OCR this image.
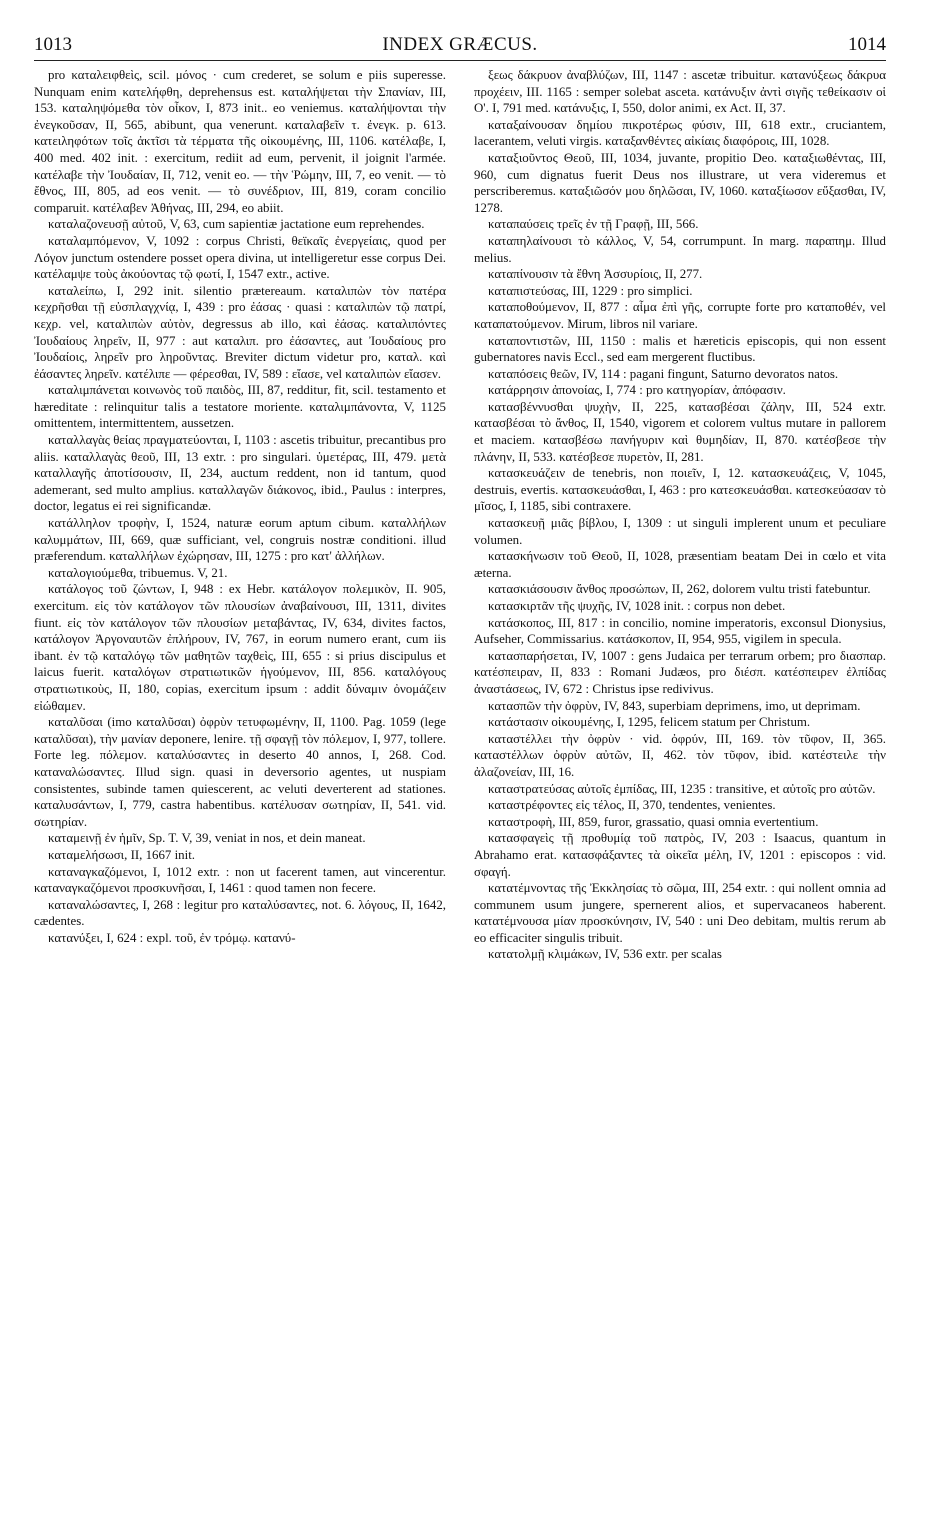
1013	INDEX GRÆCUS.	1014

pro καταλειφθεὶς, scil. μόνος · cum crederet, se solum e piis superesse. Nunquam enim κατελήφθη, deprehensus est. καταλήψεται τὴν Σπανίαν, III, 153. καταληψόμεθα τὸν οἶκον, I, 873 init.. eo veniemus. καταλήψονται τὴν ἐνεγκοῦσαν, II, 565, abibunt, qua venerunt. καταλαβεῖν τ. ἐνεγκ. p. 613. κατειληφότων τοῖς ἀκτῖσι τὰ τέρματα τῆς οἰκουμένης, III, 1106. κατέλαβε, I, 400 med. 402 init. : exercitum, rediit ad eum, pervenit, il joignit l'armée. κατέλαβε τὴν Ἰουδαίαν, II, 712, venit eo. — τὴν Ῥώμην, III, 7, eo venit. — τὸ ἔθνος, III, 805, ad eos venit. — τὸ συνέδριον, III, 819, coram concilio comparuit. κατέλαβεν Ἀθήνας, III, 294, eo abiit.

καταλαζονευσῇ αὐτοῦ, V, 63, cum sapientiæ jactatione eum reprehendes.

καταλαμπόμενον, V, 1092 : corpus Christi, θεϊκαῖς ἐνεργείαις, quod per Λόγον junctum ostendere posset opera divina, ut intelligeretur esse corpus Dei. κατέλαμψε τοὺς ἀκούοντας τῷ φωτί, I, 1547 extr., active.

καταλείπω, I, 292 init. silentio prætereaum. καταλιπὼν τὸν πατέρα κεχρῆσθαι τῇ εὐσπλαγχνίᾳ, I, 439 : pro ἐάσας · quasi : καταλιπὼν τῷ πατρί, κεχρ. vel, καταλιπὼν αὐτὸν, degressus ab illo, καὶ ἐάσας. καταλιπόντες Ἰουδαίους ληρεῖν, II, 977 : aut καταλιπ. pro ἐάσαντες, aut Ἰουδαίους pro Ἰουδαίοις, ληρεῖν pro ληροῦντας. Breviter dictum videtur pro, καταλ. καὶ ἐάσαντες ληρεῖν. κατέλιπε — φέρεσθαι, IV, 589 : εἴασε, vel καταλιπὼν εἴασεν.

καταλιμπάνεται κοινωνὸς τοῦ παιδὸς, III, 87, redditur, fit, scil. testamento et hæreditate : relinquitur talis a testatore moriente. καταλιμπάνοντα, V, 1125 omittentem, intermittentem, aussetzen.

καταλλαγὰς θείας πραγματεύονται, I, 1103 : ascetis tribuitur, precantibus pro aliis. καταλλαγὰς θεοῦ, III, 13 extr. : pro singulari. ὑμετέρας, III, 479. μετὰ καταλλαγῆς ἀποτίσουσιν, II, 234, auctum reddent, non id tantum, quod ademerant, sed multo amplius. καταλλαγῶν διάκονος, ibid., Paulus : interpres, doctor, legatus ei rei significandæ.

κατάλληλον τροφὴν, I, 1524, naturæ eorum aptum cibum. καταλλήλων καλυμμάτων, III, 669, quæ sufficiant, vel, congruis nostræ conditioni. illud præferendum. καταλλήλων ἐχώρησαν, III, 1275 : pro κατ' ἀλλήλων.

καταλογιούμεθα, tribuemus. V, 21.

κατάλογος τοῦ ζώντων, I, 948 : ex Hebr. κατάλογον πολεμικὸν, II. 905, exercitum. εἰς τὸν κατάλογον τῶν πλουσίων ἀναβαίνουσι, III, 1311, divites fiunt. εἰς τὸν κατάλογον τῶν πλουσίων μεταβάντας, IV, 634, divites factos, κατάλογον Ἀργοναυτῶν ἐπλήρουν, IV, 767, in eorum numero erant, cum iis ibant. ἐν τῷ καταλόγῳ τῶν μαθητῶν ταχθεὶς, III, 655 : si prius discipulus et laicus fuerit. καταλόγων στρατιωτικῶν ἡγούμενον, III, 856. καταλόγους στρατιωτικοὺς, II, 180, copias, exercitum ipsum : addit δύναμιν ὀνομάζειν εἰώθαμεν.

καταλῦσαι (imo καταλῦσαι) ὀφρὺν τετυφωμένην, II, 1100. Pag. 1059 (lege καταλῦσαι), τὴν μανίαν deponere, lenire. τῇ σφαγῇ τὸν πόλεμον, I, 977, tollere. Forte leg. πόλεμον. καταλύσαντες in deserto 40 annos, I, 268. Cod. καταναλώσαντες. Illud sign. quasi in deversorio agentes, ut nuspiam consistentes, subinde tamen quiescerent, ac veluti deverterent ad stationes. καταλυσάντων, I, 779, castra habentibus. κατέλυσαν σωτηρίαν, II, 541. vid. σωτηρίαν.

καταμεινῇ ἐν ἡμῖν, Sp. T. V, 39, veniat in nos, et dein maneat.

καταμελήσωσι, II, 1667 init.

καταναγκαζόμενοι, I, 1012 extr. : non ut facerent tamen, aut vincerentur. καταναγκαζόμενοι προσκυνῆσαι, I, 1461 : quod tamen non fecere.

καταναλώσαντες, I, 268 : legitur pro καταλύσαντες, not. 6. λόγους, II, 1642, cædentes.

κατανύξει, I, 624 : expl. τοῦ, ἐν τρόμῳ. κατανύ-

ξεως δάκρυον ἀναβλύζων, III, 1147 : ascetæ tribuitur. κατανύξεως δάκρυα προχέειν, III. 1165 : semper solebat asceta. κατάνυξιν ἀντὶ σιγῆς τεθείκασιν οἱ Ο'. I, 791 med. κατάνυξις, I, 550, dolor animi, ex Act. II, 37.

καταξαίνουσαν δημίου πικροτέρως φύσιν, III, 618 extr., cruciantem, lacerantem, veluti virgis. καταξανθέντες αἰκίαις διαφόροις, III, 1028.

καταξιοῦντος Θεοῦ, III, 1034, juvante, propitio Deo. καταξιωθέντας, III, 960, cum dignatus fuerit Deus nos illustrare, ut vera videremus et perscriberemus. καταξιῶσόν μου δηλῶσαι, IV, 1060. καταξίωσον εὔξασθαι, IV, 1278.

καταπαύσεις τρεῖς ἐν τῇ Γραφῇ, III, 566.

καταπηλαίνουσι τὸ κάλλος, V, 54, corrumpunt. In marg. παραπημ. Illud melius.

καταπίνουσιν τὰ ἔθνη Ἀσσυρίοις, II, 277.

καταπιστεύσας, III, 1229 : pro simplici.

καταποθούμενον, II, 877 : αἷμα ἐπὶ γῆς, corrupte forte pro καταποθέν, vel καταπατούμενον. Mirum, libros nil variare.

καταποντιστῶν, III, 1150 : malis et hæreticis episcopis, qui non essent gubernatores navis Eccl., sed eam mergerent fluctibus.

καταπόσεις θεῶν, IV, 114 : pagani fingunt, Saturno devoratos natos.

κατάρρησιν ἀπονοίας, I, 774 : pro κατηγορίαν, ἀπόφασιν.

κατασβέννυσθαι ψυχὴν, II, 225, κατασβέσαι ζάλην, III, 524 extr. κατασβέσαι τὸ ἄνθος, II, 1540, vigorem et colorem vultus mutare in pallorem et maciem. κατασβέσω πανήγυριν καὶ θυμηδίαν, II, 870. κατέσβεσε τὴν πλάνην, II, 533. κατέσβεσε πυρετὸν, II, 281.

κατασκευάζειν de tenebris, non ποιεῖν, I, 12. κατασκευάζεις, V, 1045, destruis, evertis. κατασκευάσθαι, I, 463 : pro κατεσκευάσθαι. κατεσκεύασαν τὸ μῖσος, I, 1185, sibi contraxere.

κατασκευῇ μιᾶς βίβλου, I, 1309 : ut singuli implerent unum et peculiare volumen.

κατασκήνωσιν τοῦ Θεοῦ, II, 1028, præsentiam beatam Dei in cœlo et vita æterna.

κατασκιάσουσιν ἄνθος προσώπων, II, 262, dolorem vultu tristi fatebuntur.

κατασκιρτᾶν τῆς ψυχῆς, IV, 1028 init. : corpus non debet.

κατάσκοπος, III, 817 : in concilio, nomine imperatoris, exconsul Dionysius, Aufseher, Commissarius. κατάσκοπον, II, 954, 955, vigilem in specula.

κατασπαρήσεται, IV, 1007 : gens Judaica per terrarum orbem; pro διασπαρ. κατέσπειραν, II, 833 : Romani Judæos, pro διέσπ. κατέσπειρεν ἐλπίδας ἀναστάσεως, IV, 672 : Christus ipse redivivus.

κατασπῶν τὴν ὀφρὺν, IV, 843, superbiam deprimens, imo, ut deprimam.

κατάστασιν οἰκουμένης, I, 1295, felicem statum per Christum.

καταστέλλει τὴν ὀφρὺν · vid. ὀφρύν, III, 169. τὸν τῦφον, II, 365. καταστέλλων ὀφρὺν αὐτῶν, II, 462. τὸν τῦφον, ibid. κατέστειλε τὴν ἀλαζονείαν, III, 16.

καταστρατεύσας αὐτοῖς ἐμπίδας, III, 1235 : transitive, et αὐτοῖς pro αὐτῶν.

καταστρέφοντες εἰς τέλος, II, 370, tendentes, venientes.

καταστροφὴ, III, 859, furor, grassatio, quasi omnia evertentium.

κατασφαγεὶς τῇ προθυμίᾳ τοῦ πατρὸς, IV, 203 : Isaacus, quantum in Abrahamo erat. κατασφάξαντες τὰ οἰκεῖα μέλη, IV, 1201 : episcopos : vid. σφαγή.

κατατέμνοντας τῆς Ἐκκλησίας τὸ σῶμα, III, 254 extr. : qui nollent omnia ad communem usum jungere, spernerent alios, et supervacaneos haberent. κατατέμνουσα μίαν προσκύνησιν, IV, 540 : uni Deo debitam, multis rerum ab eo efficaciter singulis tribuit.

κατατολμῇ κλιμάκων, IV, 536 extr. per scalas
